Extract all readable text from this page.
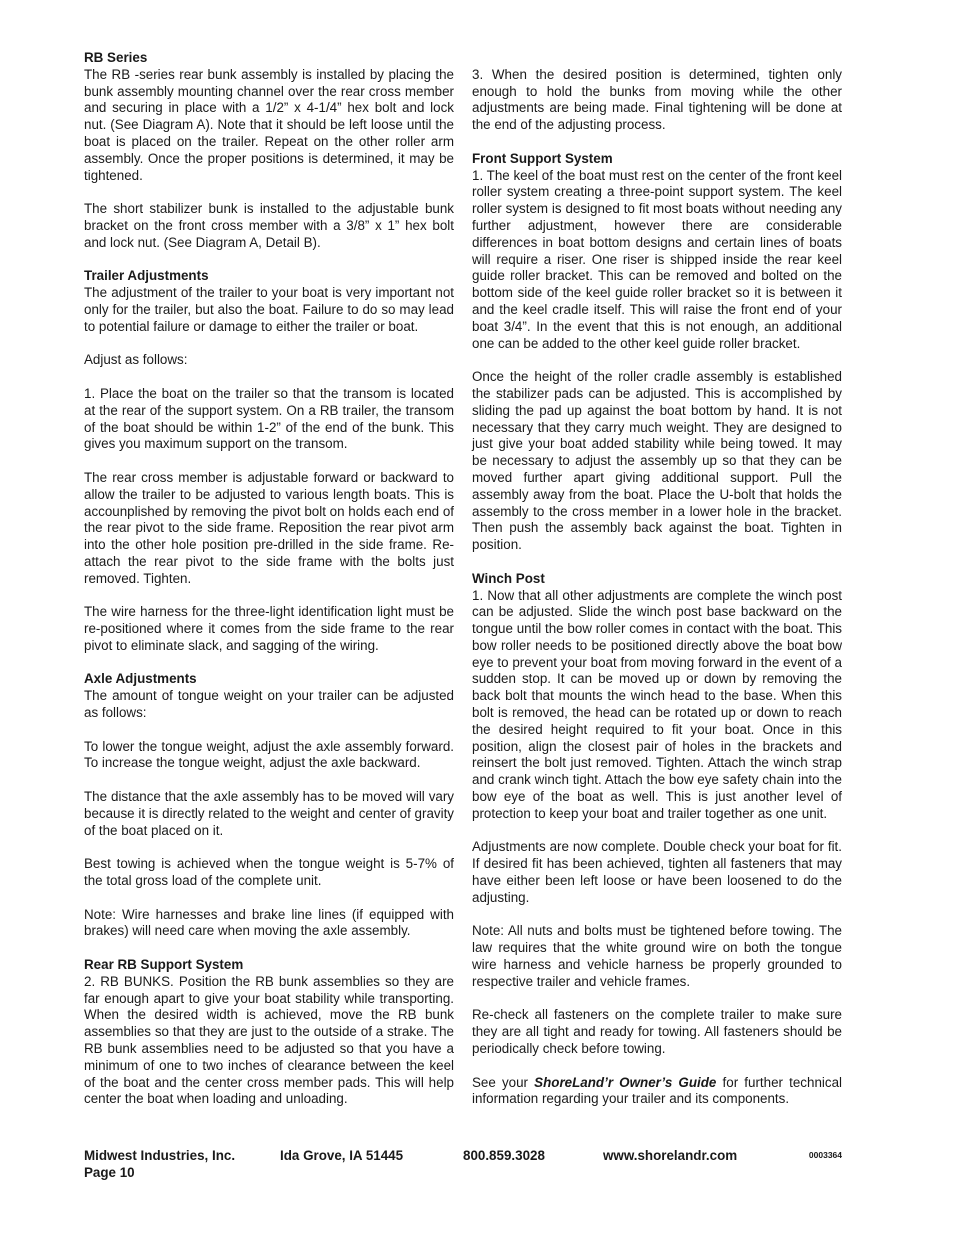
RB Series

The RB -series rear bunk assembly is installed by placing the bunk assembly mounting channel over the rear cross member and securing in place with a 1/2” x 4-1/4” hex bolt and lock nut. (See Diagram A). Note that it should be left loose until the boat is placed on the trailer. Repeat on the other roller arm assembly. Once the proper positions is determined, it may be tightened.

The short stabilizer bunk is installed to the adjustable bunk bracket on the front cross member with a 3/8” x 1” hex bolt and lock nut. (See Diagram A, Detail B).

Trailer Adjustments

The adjustment of the trailer to your boat is very important not only for the trailer, but also the boat. Failure to do so may lead to potential failure or damage to either the trailer or boat.

Adjust as follows:

1. Place the boat on the trailer so that the transom is located at the rear of the support system. On a RB trailer, the transom of the boat should be within 1-2” of the end of the bunk. This gives you maximum support on the transom.

The rear cross member is adjustable forward or backward to allow the trailer to be adjusted to various length boats. This is accounplished by removing the pivot bolt on holds each end of the rear pivot to the side frame. Reposition the rear pivot arm into the other hole position pre-drilled in the side frame. Re-attach the rear pivot to the side frame with the bolts just removed. Tighten.

The wire harness for the three-light identification light must be re-positioned where it comes from the side frame to the rear pivot to eliminate slack, and sagging of the wiring.

Axle Adjustments

The amount of tongue weight on your trailer can be adjusted as follows:

To lower the tongue weight, adjust the axle assembly forward. To increase the tongue weight, adjust the axle backward.

The distance that the axle assembly has to be moved will vary because it is directly related to the weight and center of gravity of the boat placed on it.

Best towing is achieved when the tongue weight is 5-7% of the total gross load of the complete unit.

Note: Wire harnesses and brake line lines (if equipped with brakes) will need care when moving the axle assembly.

Rear RB Support System

2. RB BUNKS. Position the RB bunk assemblies so they are far enough apart to give your boat stability while transporting. When the desired width is achieved, move the RB bunk assemblies so that they are just to the outside of a strake. The RB bunk assemblies need to be adjusted so that you have a minimum of one to two inches of clearance between the keel of the boat and the center cross member pads. This will help center the boat when loading and unloading.

3. When the desired position is determined, tighten only enough to hold the bunks from moving while the other adjustments are being made. Final tightening will be done at the end of the adjusting process.

Front Support System

1. The keel of the boat must rest on the center of the front keel roller system creating a three-point support system. The keel roller system is designed to fit most boats without needing any further adjustment, however there are considerable differences in boat bottom designs and certain lines of boats will require a riser. One riser is shipped inside the rear keel guide roller bracket. This can be removed and bolted on the bottom side of the keel guide roller bracket so it is between it and the keel cradle itself. This will raise the front end of your boat 3/4”. In the event that this is not enough, an additional one can be added to the other keel guide roller bracket.

Once the height of the roller cradle assembly is established the stabilizer pads can be adjusted. This is accomplished by sliding the pad up against the boat bottom by hand. It is not necessary that they carry much weight. They are designed to just give your boat added stability while being towed. It may be necessary to adjust the assembly up so that they can be moved further apart giving additional support. Pull the assembly away from the boat. Place the U-bolt that holds the assembly to the cross member in a lower hole in the bracket. Then push the assembly back against the boat. Tighten in position.

Winch Post

1. Now that all other adjustments are complete the winch post can be adjusted. Slide the winch post base backward on the tongue until the bow roller comes in contact with the boat. This bow roller needs to be positioned directly above the boat bow eye to prevent your boat from moving forward in the event of a sudden stop. It can be moved up or down by removing the back bolt that mounts the winch head to the base. When this bolt is removed, the head can be rotated up or down to reach the desired height required to fit your boat. Once in this position, align the closest pair of holes in the brackets and reinsert the bolt just removed. Tighten. Attach the winch strap and crank winch tight. Attach the bow eye safety chain into the bow eye of the boat as well. This is just another level of protection to keep your boat and trailer together as one unit.

Adjustments are now complete. Double check your boat for fit. If desired fit has been achieved, tighten all fasteners that may have either been left loose or have been loosened to do the adjusting.

Note: All nuts and bolts must be tightened before towing. The law requires that the white ground wire on both the tongue wire harness and vehicle harness be properly grounded to respective trailer and vehicle frames.

Re-check all fasteners on the complete trailer to make sure they are all tight and ready for towing. All fasteners should be periodically check before towing.

See your ShoreLand’r Owner’s Guide for further technical information regarding your trailer and its components.

Midwest Industries, Inc.	Ida Grove, IA 51445	800.859.3028	www.shorelandr.com	0003364
Page 10
